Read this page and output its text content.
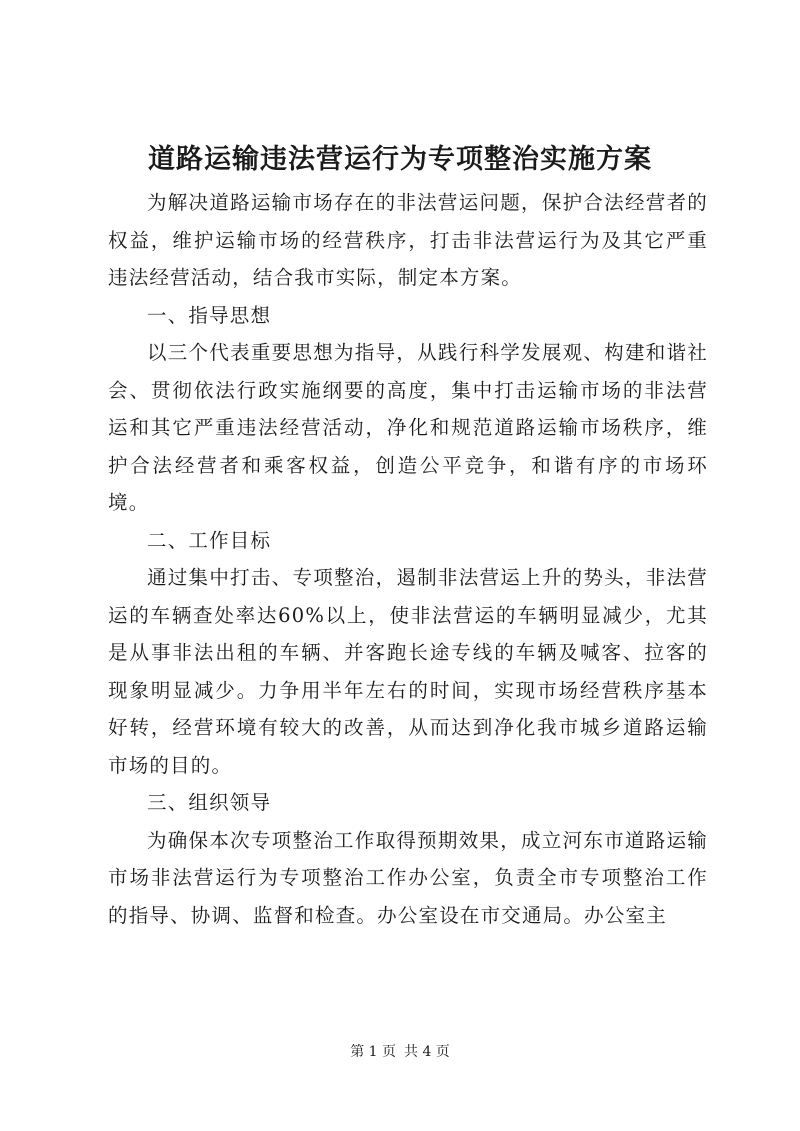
道路运输违法营运行为专项整治实施方案

为解决道路运输市场存在的非法营运问题，保护合法经营者的权益，维护运输市场的经营秩序，打击非法营运行为及其它严重违法经营活动，结合我市实际，制定本方案。

一、指导思想

以三个代表重要思想为指导，从践行科学发展观、构建和谐社会、贯彻依法行政实施纲要的高度，集中打击运输市场的非法营运和其它严重违法经营活动，净化和规范道路运输市场秩序，维护合法经营者和乘客权益，创造公平竞争，和谐有序的市场环境。

二、工作目标

通过集中打击、专项整治，遏制非法营运上升的势头，非法营运的车辆查处率达60%以上，使非法营运的车辆明显减少，尤其是从事非法出租的车辆、并客跑长途专线的车辆及喊客、拉客的现象明显减少。力争用半年左右的时间，实现市场经营秩序基本好转，经营环境有较大的改善，从而达到净化我市城乡道路运输市场的目的。

三、组织领导

为确保本次专项整治工作取得预期效果，成立河东市道路运输市场非法营运行为专项整治工作办公室，负责全市专项整治工作的指导、协调、监督和检查。办公室设在市交通局。办公室主

第 1 页 共 4 页
